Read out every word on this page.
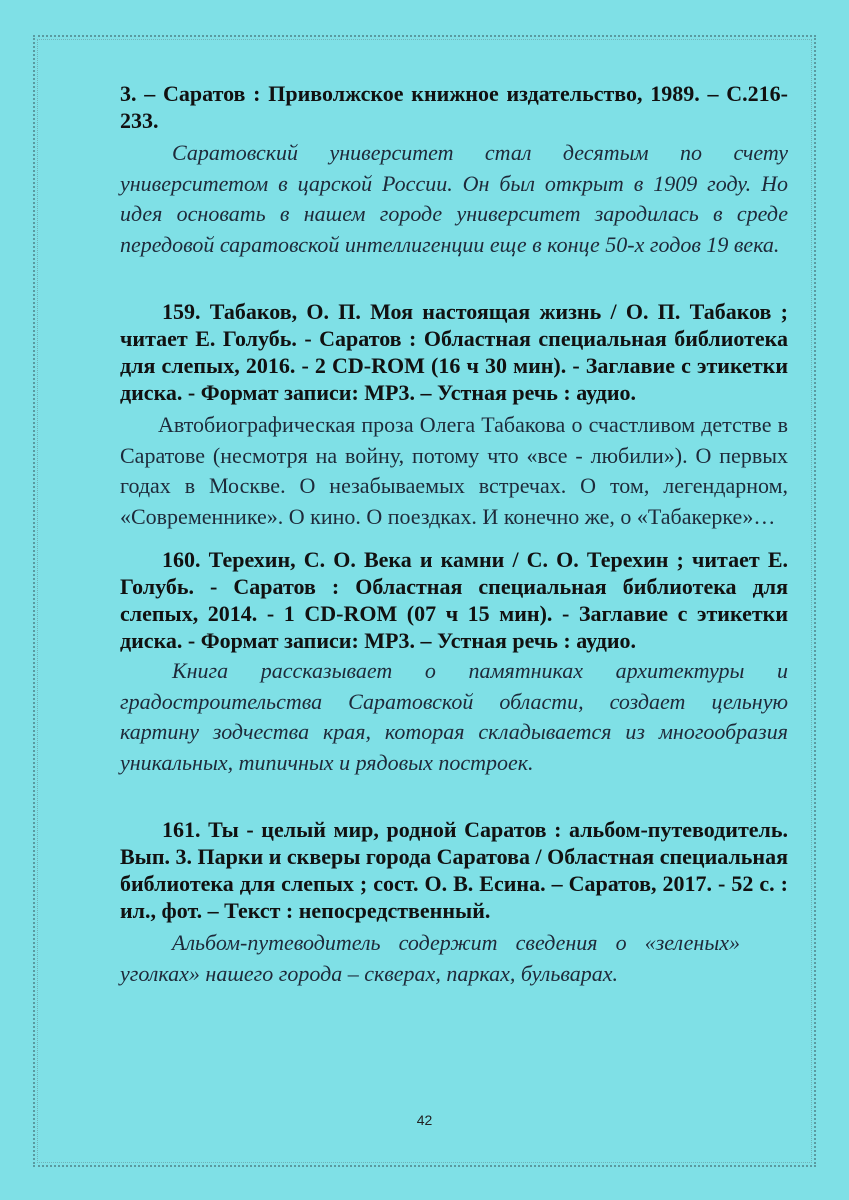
3. – Саратов : Приволжское книжное издательство, 1989. – С.216-233.

Саратовский университет стал десятым по счету университетом в царской России. Он был открыт в 1909 году. Но идея основать в нашем городе университет зародилась в среде передовой саратовской интеллигенции еще в конце 50-х годов 19 века.

159. Табаков, О. П. Моя настоящая жизнь / О. П. Табаков ; читает Е. Голубь. - Саратов : Областная специальная библиотека для слепых, 2016. - 2 CD-ROM (16 ч 30 мин). - Заглавие с этикетки диска. - Формат записи: MP3. – Устная речь : аудио.

Автобиографическая проза Олега Табакова о счастливом детстве в Саратове (несмотря на войну, потому что «все - любили»). О первых годах в Москве. О незабываемых встречах. О том, легендарном, «Современнике». О кино. О поездках. И конечно же, о «Табакерке»…

160. Терехин, С. О. Века и камни / С. О. Терехин ; читает Е. Голубь. - Саратов : Областная специальная библиотека для слепых, 2014. - 1 CD-ROM (07 ч 15 мин). - Заглавие с этикетки диска. - Формат записи: MP3. – Устная речь : аудио.

Книга рассказывает о памятниках архитектуры и градостроительства Саратовской области, создает цельную картину зодчества края, которая складывается из многообразия уникальных, типичных и рядовых построек.

161. Ты - целый мир, родной Саратов : альбом-путеводитель. Вып. 3. Парки и скверы города Саратова / Областная специальная библиотека для слепых ; сост. О. В. Есина. – Саратов, 2017. - 52 с. : ил., фот. – Текст : непосредственный.

Альбом-путеводитель содержит сведения о «зеленых» уголках» нашего города – скверах, парках, бульварах.

42
